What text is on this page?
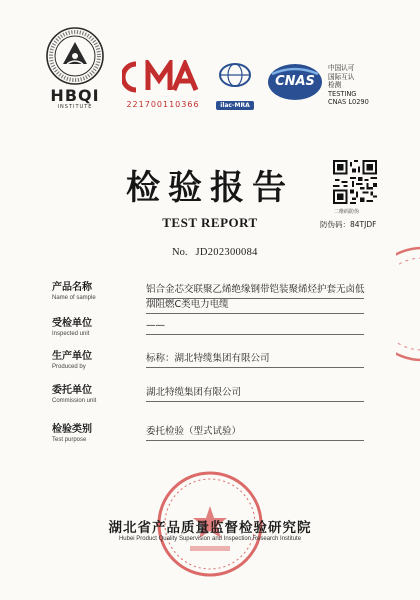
HBQI
INSTITUTE	221700110366	ilac-MRA
CNAS
中国认可
国际互认
检测
TESTING
CNAS L0290
二维码防伪
防伪码：84TJDF
检验报告
TEST REPORT
No. JD202300084
产品名称
Name of sample
铝合金芯交联聚乙烯绝缘钢带铠装聚烯烃护套无卤低烟阻燃C类电力电缆
受检单位
Inspected unit
——
生产单位
Produced by
标称：湖北特缆集团有限公司
委托单位
Commission unit
湖北特缆集团有限公司
检验类别
Test purpose
委托检验（型式试验）
湖北省产品质量监督检验研究院
Hubei Product Quality Supervision and Inspection Research Institute
